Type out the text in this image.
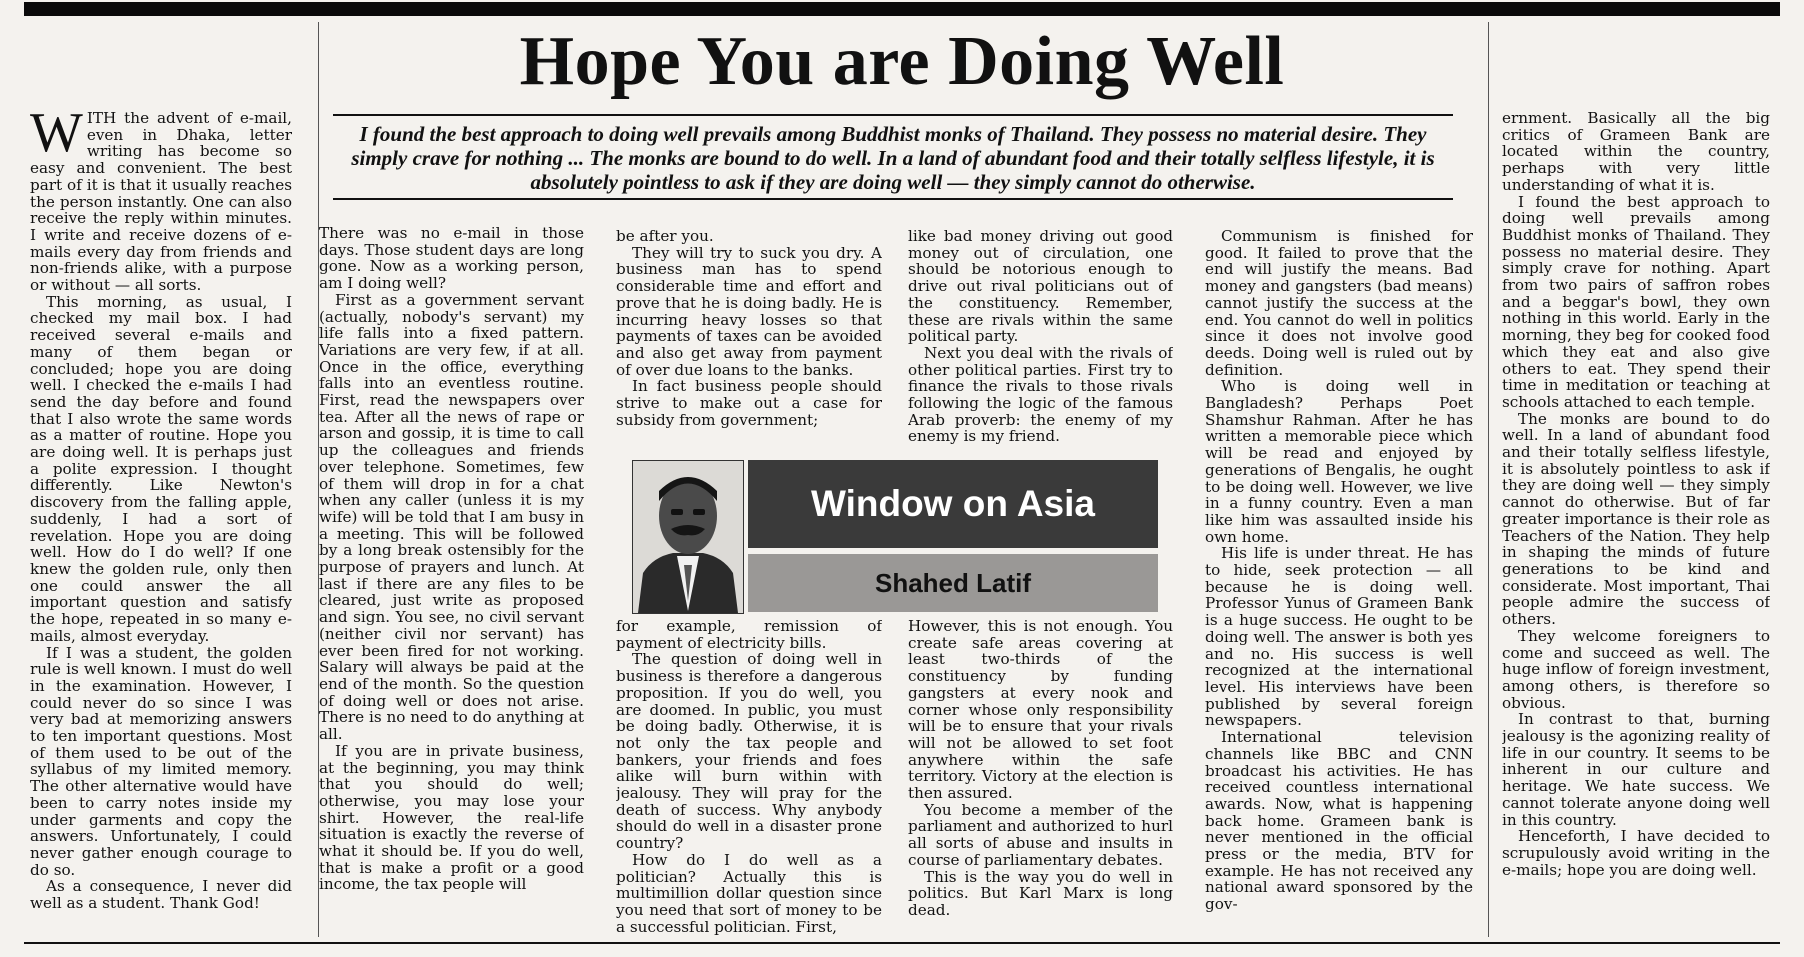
Hope You are Doing Well

WITH the advent of e-mail, even in Dhaka, letter writing has become so easy and convenient. The best part of it is that it usually reaches the person instantly. One can also receive the reply within minutes. I write and receive dozens of e-mails every day from friends and non-friends alike, with a purpose or without — all sorts.

This morning, as usual, I checked my mail box. I had received several e-mails and many of them began or concluded; hope you are doing well. I checked the e-mails I had send the day before and found that I also wrote the same words as a matter of routine. Hope you are doing well. It is perhaps just a polite expression. I thought differently. Like Newton's discovery from the falling apple, suddenly, I had a sort of revelation. Hope you are doing well. How do I do well? If one knew the golden rule, only then one could answer the all important question and satisfy the hope, repeated in so many e-mails, almost everyday.

If I was a student, the golden rule is well known. I must do well in the examination. However, I could never do so since I was very bad at memorizing answers to ten important questions. Most of them used to be out of the syllabus of my limited memory. The other alternative would have been to carry notes inside my under garments and copy the answers. Unfortunately, I could never gather enough courage to do so.

As a consequence, I never did well as a student. Thank God!

I found the best approach to doing well prevails among Buddhist monks of Thailand. They possess no material desire. They simply crave for nothing ... The monks are bound to do well. In a land of abundant food and their totally selfless lifestyle, it is absolutely pointless to ask if they are doing well — they simply cannot do otherwise.

There was no e-mail in those days. Those student days are long gone. Now as a working person, am I doing well?

First as a government servant (actually, nobody's servant) my life falls into a fixed pattern. Variations are very few, if at all. Once in the office, everything falls into an eventless routine. First, read the newspapers over tea. After all the news of rape or arson and gossip, it is time to call up the colleagues and friends over telephone. Sometimes, few of them will drop in for a chat when any caller (unless it is my wife) will be told that I am busy in a meeting. This will be followed by a long break ostensibly for the purpose of prayers and lunch. At last if there are any files to be cleared, just write as proposed and sign. You see, no civil servant (neither civil nor servant) has ever been fired for not working. Salary will always be paid at the end of the month. So the question of doing well or does not arise. There is no need to do anything at all.

If you are in private business, at the beginning, you may think that you should do well; otherwise, you may lose your shirt. However, the real-life situation is exactly the reverse of what it should be. If you do well, that is make a profit or a good income, the tax people will

be after you.

They will try to suck you dry. A business man has to spend considerable time and effort and prove that he is doing badly. He is incurring heavy losses so that payments of taxes can be avoided and also get away from payment of over due loans to the banks.

In fact business people should strive to make out a case for subsidy from government;

like bad money driving out good money out of circulation, one should be notorious enough to drive out rival politicians out of the constituency. Remember, these are rivals within the same political party.

Next you deal with the rivals of other political parties. First try to finance the rivals to those rivals following the logic of the famous Arab proverb: the enemy of my enemy is my friend.

Window on Asia
Shahed Latif

for example, remission of payment of electricity bills.

The question of doing well in business is therefore a dangerous proposition. If you do well, you are doomed. In public, you must be doing badly. Otherwise, it is not only the tax people and bankers, your friends and foes alike will burn within with jealousy. They will pray for the death of success. Why anybody should do well in a disaster prone country?

How do I do well as a politician? Actually this is multimillion dollar question since you need that sort of money to be a successful politician. First,

However, this is not enough. You create safe areas covering at least two-thirds of the constituency by funding gangsters at every nook and corner whose only responsibility will be to ensure that your rivals will not be allowed to set foot anywhere within the safe territory. Victory at the election is then assured.

You become a member of the parliament and authorized to hurl all sorts of abuse and insults in course of parliamentary debates.

This is the way you do well in politics. But Karl Marx is long dead.

Communism is finished for good. It failed to prove that the end will justify the means. Bad money and gangsters (bad means) cannot justify the success at the end. You cannot do well in politics since it does not involve good deeds. Doing well is ruled out by definition.

Who is doing well in Bangladesh? Perhaps Poet Shamshur Rahman. After he has written a memorable piece which will be read and enjoyed by generations of Bengalis, he ought to be doing well. However, we live in a funny country. Even a man like him was assaulted inside his own home.

His life is under threat. He has to hide, seek protection — all because he is doing well. Professor Yunus of Grameen Bank is a huge success. He ought to be doing well. The answer is both yes and no. His success is well recognized at the international level. His interviews have been published by several foreign newspapers.

International television channels like BBC and CNN broadcast his activities. He has received countless international awards. Now, what is happening back home. Grameen bank is never mentioned in the official press or the media, BTV for example. He has not received any national award sponsored by the gov-

ernment. Basically all the big critics of Grameen Bank are located within the country, perhaps with very little understanding of what it is.

I found the best approach to doing well prevails among Buddhist monks of Thailand. They possess no material desire. They simply crave for nothing. Apart from two pairs of saffron robes and a beggar's bowl, they own nothing in this world. Early in the morning, they beg for cooked food which they eat and also give others to eat. They spend their time in meditation or teaching at schools attached to each temple.

The monks are bound to do well. In a land of abundant food and their totally selfless lifestyle, it is absolutely pointless to ask if they are doing well — they simply cannot do otherwise. But of far greater importance is their role as Teachers of the Nation. They help in shaping the minds of future generations to be kind and considerate. Most important, Thai people admire the success of others.

They welcome foreigners to come and succeed as well. The huge inflow of foreign investment, among others, is therefore so obvious.

In contrast to that, burning jealousy is the agonizing reality of life in our country. It seems to be inherent in our culture and heritage. We hate success. We cannot tolerate anyone doing well in this country.

Henceforth, I have decided to scrupulously avoid writing in the e-mails; hope you are doing well.
